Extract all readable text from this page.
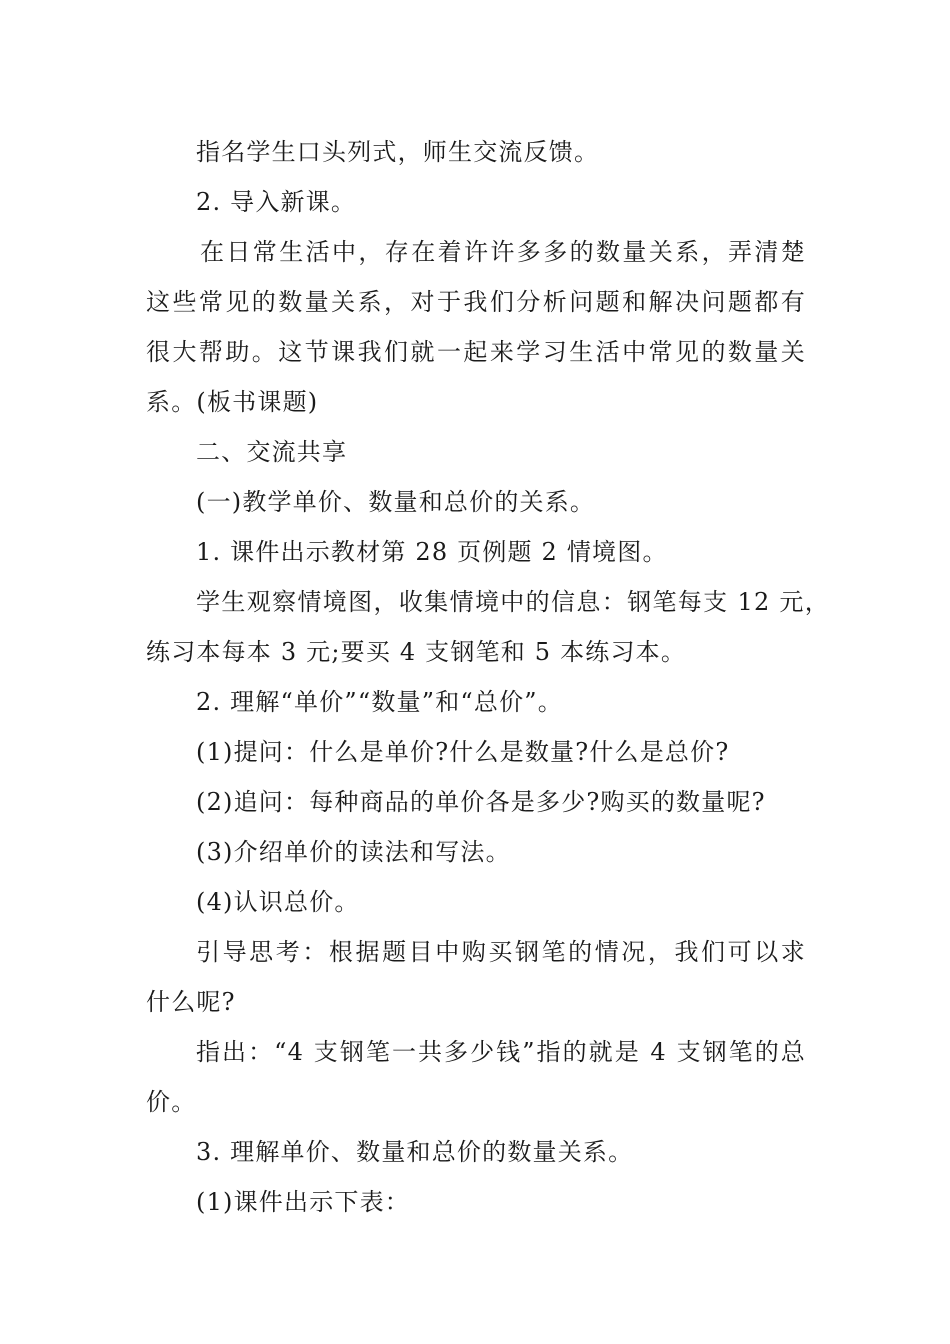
指名学生口头列式，师生交流反馈。
2. 导入新课。
在日常生活中，存在着许许多多的数量关系，弄清楚
这些常见的数量关系，对于我们分析问题和解决问题都有
很大帮助。这节课我们就一起来学习生活中常见的数量关
系。(板书课题)
二、交流共享
(一)教学单价、数量和总价的关系。
1. 课件出示教材第 28 页例题 2 情境图。
学生观察情境图，收集情境中的信息：钢笔每支 12 元，
练习本每本 3 元;要买 4 支钢笔和 5 本练习本。
2. 理解“单价”“数量”和“总价”。
(1)提问：什么是单价?什么是数量?什么是总价?
(2)追问：每种商品的单价各是多少?购买的数量呢?
(3)介绍单价的读法和写法。
(4)认识总价。
引导思考：根据题目中购买钢笔的情况，我们可以求
什么呢?
指出：“4 支钢笔一共多少钱”指的就是 4 支钢笔的总
价。
3. 理解单价、数量和总价的数量关系。
(1)课件出示下表：
